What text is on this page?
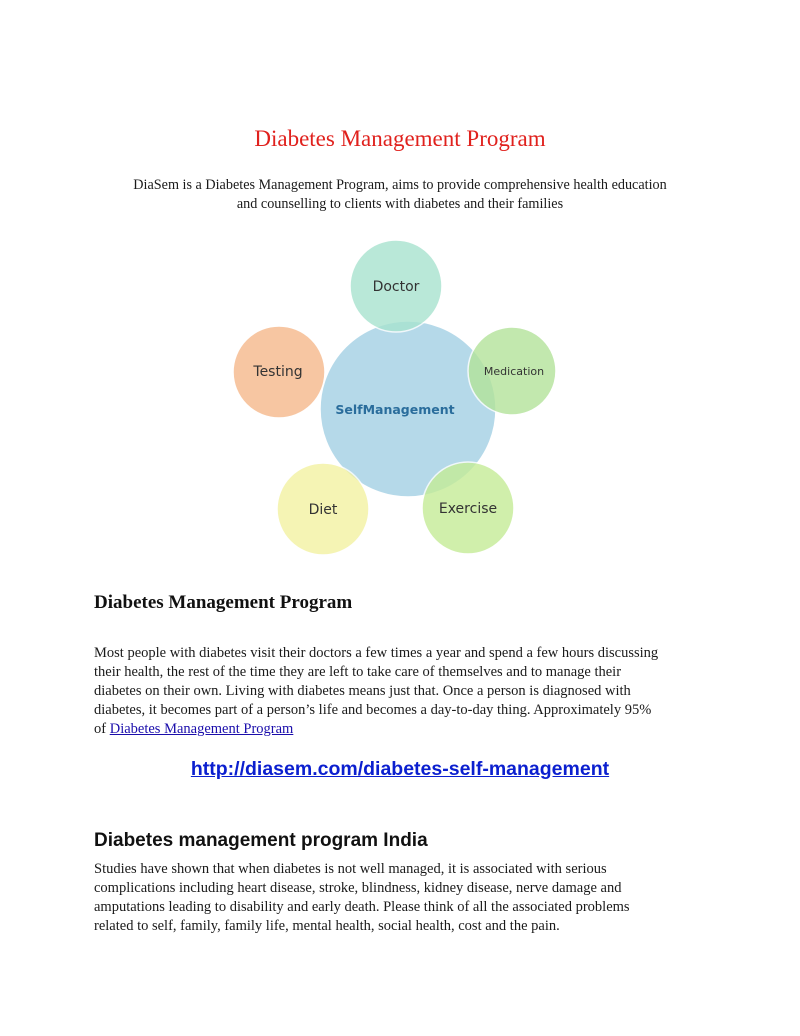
Diabetes Management Program
DiaSem is a Diabetes Management Program, aims to provide comprehensive health education
and counselling to clients with diabetes and their families
SelfManagement
Doctor
Medication
Exercise
Diet
Testing
Diabetes Management Program
Most people with diabetes visit their doctors a few times a year and spend a few hours discussing
their health, the rest of the time they are left to take care of themselves and to manage their
diabetes on their own. Living with diabetes means just that. Once a person is diagnosed with
diabetes, it becomes part of a person’s life and becomes a day-to-day thing. Approximately 95%
of Diabetes Management Program
http://diasem.com/diabetes-self-management
Diabetes management program India
Studies have shown that when diabetes is not well managed, it is associated with serious
complications including heart disease, stroke, blindness, kidney disease, nerve damage and
amputations leading to disability and early death. Please think of all the associated problems
related to self, family, family life, mental health, social health, cost and the pain.
